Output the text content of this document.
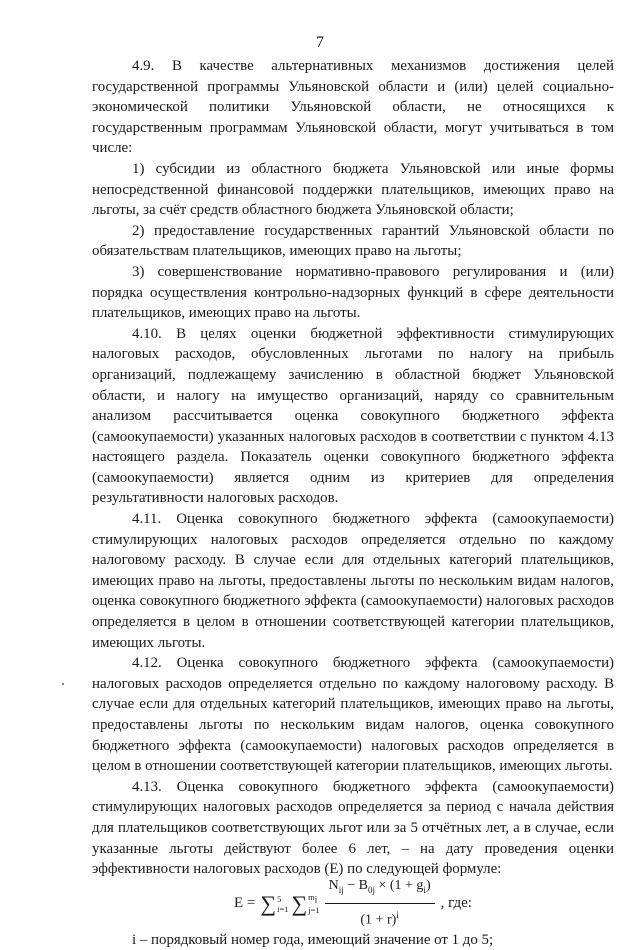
7

4.9. В качестве альтернативных механизмов достижения целей государственной программы Ульяновской области и (или) целей социально-экономической политики Ульяновской области, не относящихся к государственным программам Ульяновской области, могут учитываться в том числе:

1) субсидии из областного бюджета Ульяновской или иные формы непосредственной финансовой поддержки плательщиков, имеющих право на льготы, за счёт средств областного бюджета Ульяновской области;

2) предоставление государственных гарантий Ульяновской области по обязательствам плательщиков, имеющих право на льготы;

3) совершенствование нормативно-правового регулирования и (или) порядка осуществления контрольно-надзорных функций в сфере деятельности плательщиков, имеющих право на льготы.

4.10. В целях оценки бюджетной эффективности стимулирующих налоговых расходов, обусловленных льготами по налогу на прибыль организаций, подлежащему зачислению в областной бюджет Ульяновской области, и налогу на имущество организаций, наряду со сравнительным анализом рассчитывается оценка совокупного бюджетного эффекта (самоокупаемости) указанных налоговых расходов в соответствии с пунктом 4.13 настоящего раздела. Показатель оценки совокупного бюджетного эффекта (самоокупаемости) является одним из критериев для определения результативности налоговых расходов.

4.11. Оценка совокупного бюджетного эффекта (самоокупаемости) стимулирующих налоговых расходов определяется отдельно по каждому налоговому расходу. В случае если для отдельных категорий плательщиков, имеющих право на льготы, предоставлены льготы по нескольким видам налогов, оценка совокупного бюджетного эффекта (самоокупаемости) налоговых расходов определяется в целом в отношении соответствующей категории плательщиков, имеющих льготы.

4.12. Оценка совокупного бюджетного эффекта (самоокупаемости) налоговых расходов определяется отдельно по каждому налоговому расходу. В случае если для отдельных категорий плательщиков, имеющих право на льготы, предоставлены льготы по нескольким видам налогов, оценка совокупного бюджетного эффекта (самоокупаемости) налоговых расходов определяется в целом в отношении соответствующей категории плательщиков, имеющих льготы.

4.13. Оценка совокупного бюджетного эффекта (самоокупаемости) стимулирующих налоговых расходов определяется за период с начала действия для плательщиков соответствующих льгот или за 5 отчётных лет, а в случае, если указанные льготы действуют более 6 лет, – на дату проведения оценки эффективности налоговых расходов (E) по следующей формуле:

E = ∑ 5
i=1 ∑ $m_i$
$j=1 \frac{N_{ij} - B_{0j} \times (1 + g_i)}{(1 + r)^i}$ , где:

i – порядковый номер года, имеющий значение от 1 до 5;
